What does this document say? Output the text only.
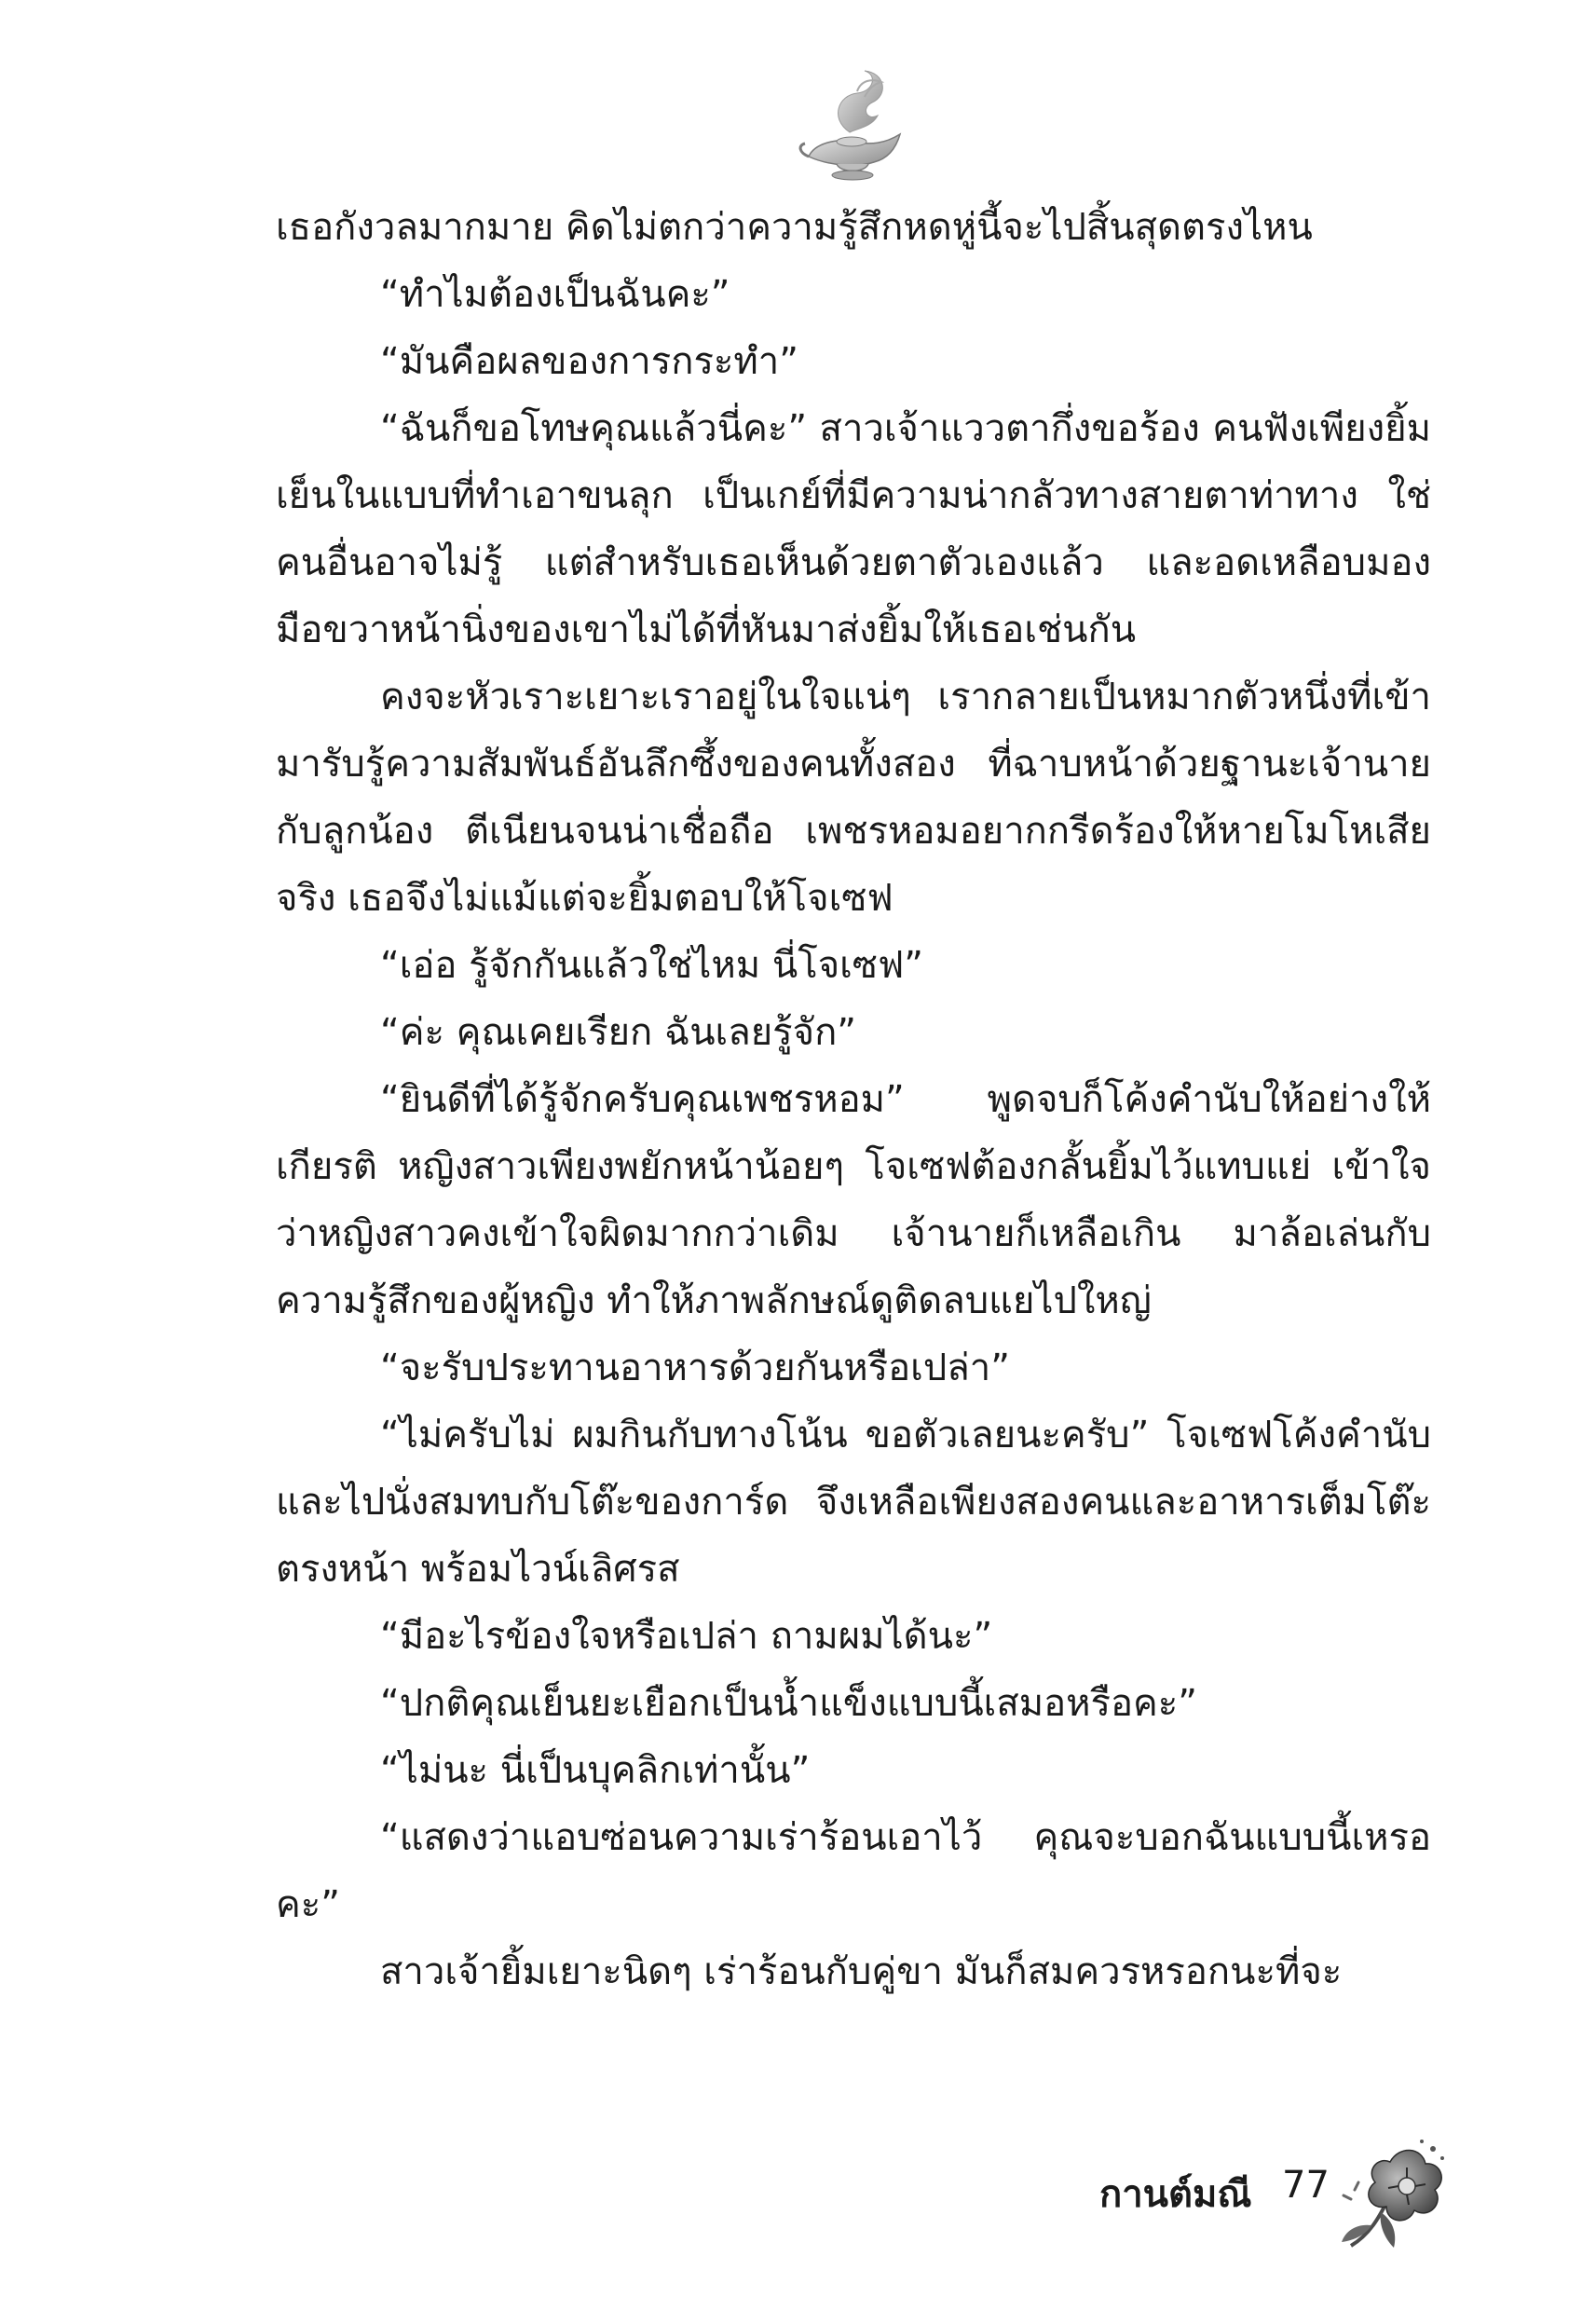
เธอกังวลมากมาย คิดไม่ตกว่าความรู้สึกหดหู่นี้จะไปสิ้นสุดตรงไหน

“ทำไมต้องเป็นฉันคะ”

“มันคือผลของการกระทำ”

“ฉันก็ขอโทษคุณแล้วนี่คะ” สาวเจ้าแววตากึ่งขอร้อง คนฟังเพียงยิ้มเย็นในแบบที่ทำเอาขนลุก เป็นเกย์ที่มีความน่ากลัวทางสายตาท่าทาง ใช่คนอื่นอาจไม่รู้ แต่สำหรับเธอเห็นด้วยตาตัวเองแล้ว และอดเหลือบมองมือขวาหน้านิ่งของเขาไม่ได้ที่หันมาส่งยิ้มให้เธอเช่นกัน

คงจะหัวเราะเยาะเราอยู่ในใจแน่ๆ เรากลายเป็นหมากตัวหนึ่งที่เข้ามารับรู้ความสัมพันธ์อันลึกซึ้งของคนทั้งสอง ที่ฉาบหน้าด้วยฐานะเจ้านายกับลูกน้อง ตีเนียนจนน่าเชื่อถือ เพชรหอมอยากกรีดร้องให้หายโมโหเสียจริง เธอจึงไม่แม้แต่จะยิ้มตอบให้โจเซฟ

“เอ่อ รู้จักกันแล้วใช่ไหม นี่โจเซฟ”

“ค่ะ คุณเคยเรียก ฉันเลยรู้จัก”

“ยินดีที่ได้รู้จักครับคุณเพชรหอม” พูดจบก็โค้งคำนับให้อย่างให้เกียรติ หญิงสาวเพียงพยักหน้าน้อยๆ โจเซฟต้องกลั้นยิ้มไว้แทบแย่ เข้าใจว่าหญิงสาวคงเข้าใจผิดมากกว่าเดิม เจ้านายก็เหลือเกิน มาล้อเล่นกับความรู้สึกของผู้หญิง ทำให้ภาพลักษณ์ดูติดลบแยไปใหญ่

“จะรับประทานอาหารด้วยกันหรือเปล่า”

“ไม่ครับไม่ ผมกินกับทางโน้น ขอตัวเลยนะครับ” โจเซฟโค้งคำนับและไปนั่งสมทบกับโต๊ะของการ์ด จึงเหลือเพียงสองคนและอาหารเต็มโต๊ะตรงหน้า พร้อมไวน์เลิศรส

“มีอะไรข้องใจหรือเปล่า ถามผมได้นะ”

“ปกติคุณเย็นยะเยือกเป็นน้ำแข็งแบบนี้เสมอหรือคะ”

“ไม่นะ นี่เป็นบุคลิกเท่านั้น”

“แสดงว่าแอบซ่อนความเร่าร้อนเอาไว้ คุณจะบอกฉันแบบนี้เหรอคะ”

สาวเจ้ายิ้มเยาะนิดๆ เร่าร้อนกับคู่ขา มันก็สมควรหรอกนะที่จะ

กานต์มณี 77
